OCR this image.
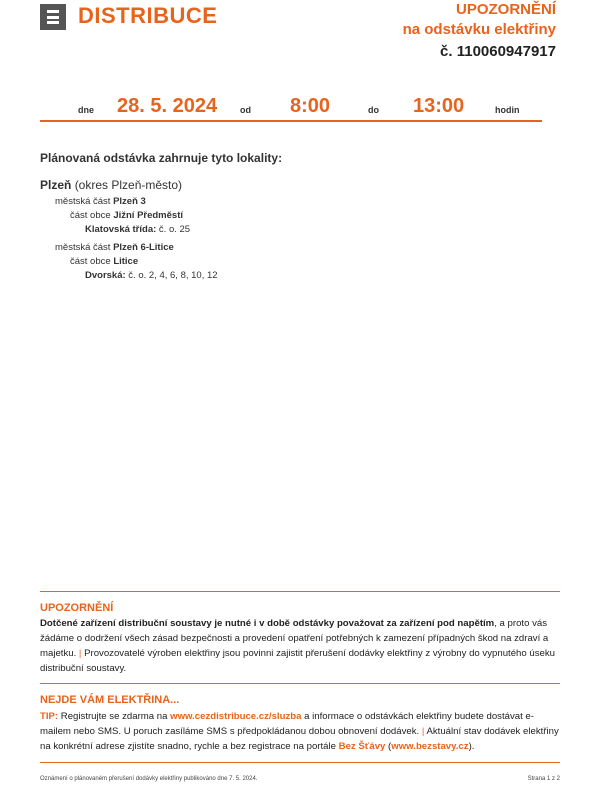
DISTRIBUCE	UPOZORNĚNÍ
na odstávku elektřiny
č. 110060947917
dne 28. 5. 2024	od 8:00	do 13:00	hodin
Plánovaná odstávka zahrnuje tyto lokality:
Plzeň (okres Plzeň-město)
městská část Plzeň 3
část obce Jižní Předměstí
Klatovská třída: č. o. 25
městská část Plzeň 6-Litice
část obce Litice
Dvorská: č. o. 2, 4, 6, 8, 10, 12
UPOZORNĚNÍ
Dotčené zařízení distribuční soustavy je nutné i v době odstávky považovat za zařízení pod napětím, a proto vás žádáme o dodržení všech zásad bezpečnosti a provedení opatření potřebných k zamezení případných škod na zdraví a majetku. | Provozovatelé výroben elektřiny jsou povinni zajistit přerušení dodávky elektřiny z výrobny do vypnutého úseku distribuční soustavy.
NEJDE VÁM ELEKTŘINA...
TIP: Registrujte se zdarma na www.cezdistribuce.cz/sluzba a informace o odstávkách elektřiny budete dostávat e-mailem nebo SMS. U poruch zasíláme SMS s předpokládanou dobou obnovení dodávek. | Aktuální stav dodávek elektřiny na konkrétní adrese zjistíte snadno, rychle a bez registrace na portále Bez Šťávy (www.bezstavy.cz).
Oznámení o plánovaném přerušení dodávky elektřiny publikováno dne 7. 5. 2024.	Strana 1 z 2
